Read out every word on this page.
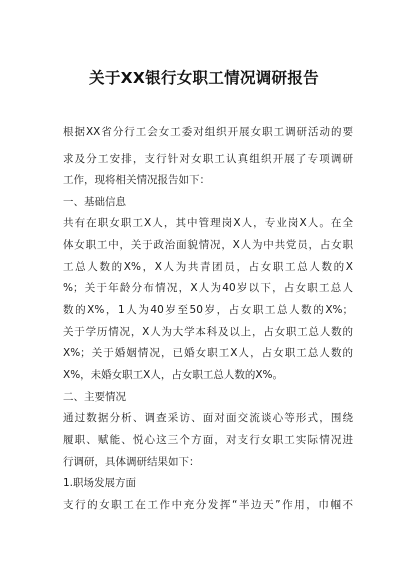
关于XX银行女职工情况调研报告
根据XX省分行工会女工委对组织开展女职工调研活动的要
求及分工安排，支行针对女职工认真组织开展了专项调研
工作，现将相关情况报告如下：
一、基础信息
共有在职女职工X人，其中管理岗X人，专业岗X人。在全
体女职工中，关于政治面貌情况，X人为中共党员，占女职
工总人数的X%，X人为共青团员，占女职工总人数的X
%；关于年龄分布情况，X人为40岁以下，占女职工总人
数的X%，1人为40岁至50岁，占女职工总人数的X%；
关于学历情况，X人为大学本科及以上，占女职工总人数的
X%；关于婚姻情况，已婚女职工X人，占女职工总人数的
X%，未婚女职工X人，占女职工总人数的X%。
二、主要情况
通过数据分析、调查采访、面对面交流谈心等形式，围绕
履职、赋能、悦心这三个方面，对支行女职工实际情况进
行调研，具体调研结果如下：
1.职场发展方面
支行的女职工在工作中充分发挥“半边天”作用，巾帼不
